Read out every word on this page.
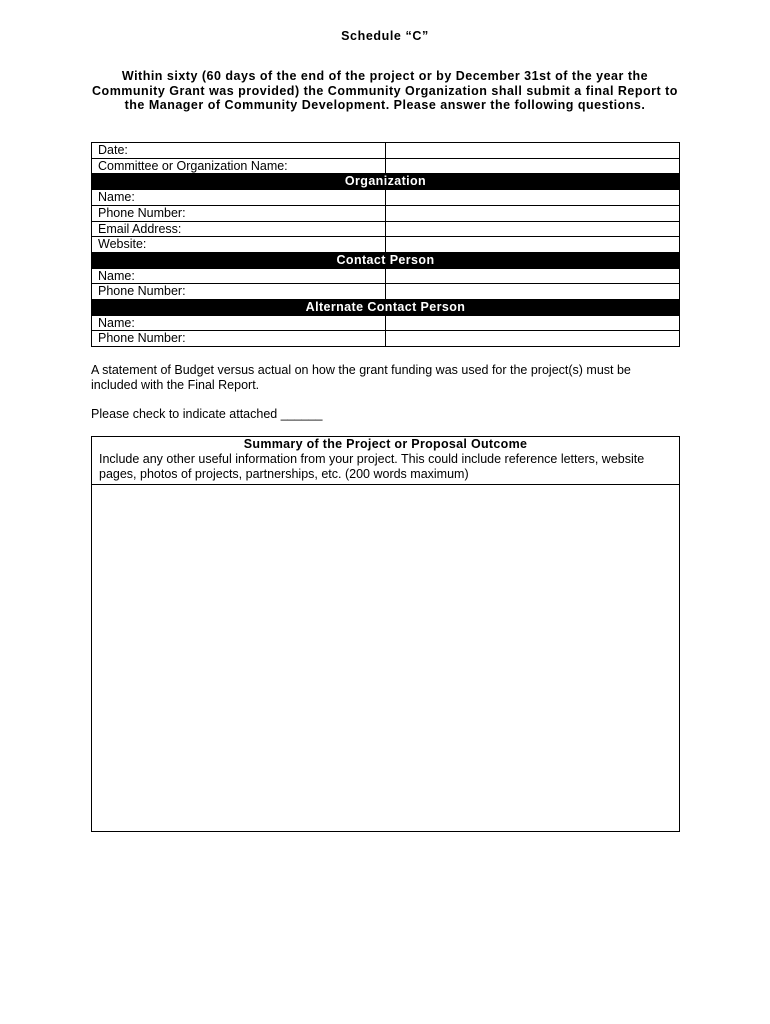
Schedule “C”
Within sixty (60 days of the end of the project or by December 31st of the year the Community Grant was provided) the Community Organization shall submit a final Report to the Manager of Community Development. Please answer the following questions.
Date:	
Committee or Organization Name:	
Organization	
Name:	
Phone Number:	
Email Address:	
Website:	
Contact Person	
Name:	
Phone Number:	
Alternate Contact Person	
Name:	
Phone Number:	
A statement of Budget versus actual on how the grant funding was used for the project(s) must be included with the Final Report.
Please check to indicate attached ______
Summary of the Project or Proposal Outcome
Include any other useful information from your project. This could include reference letters, website pages, photos of projects, partnerships, etc. (200 words maximum)
